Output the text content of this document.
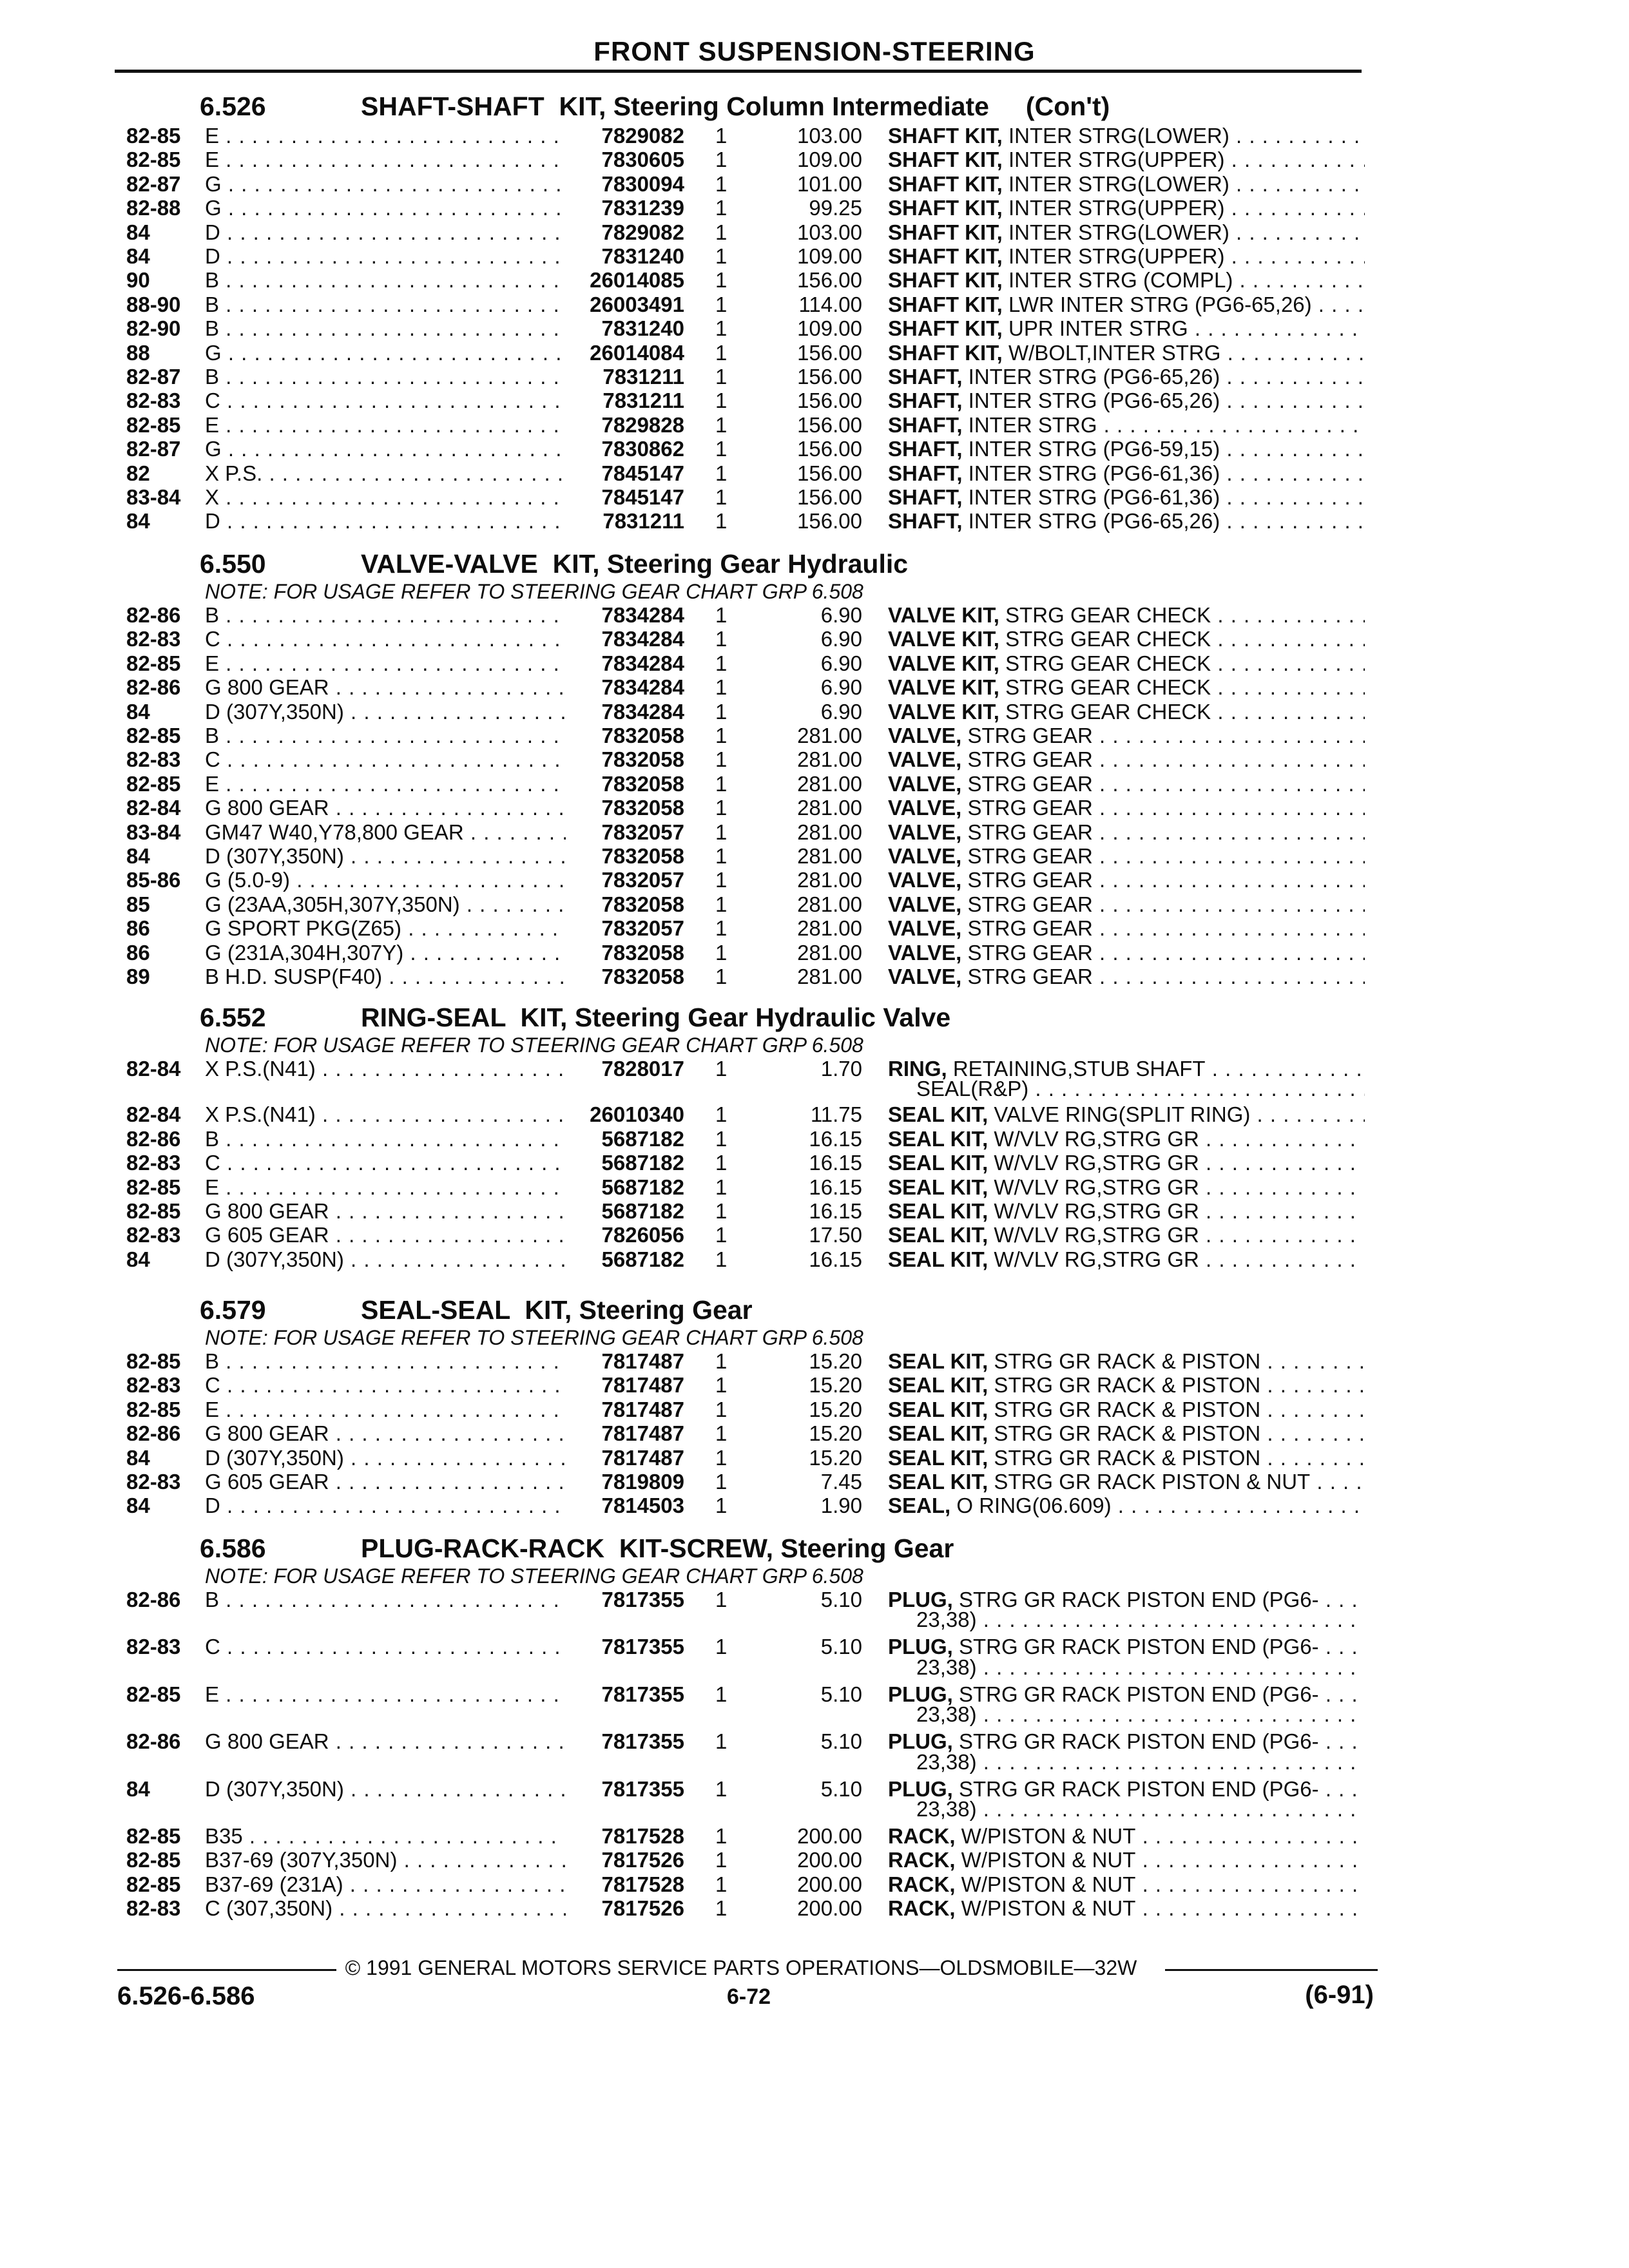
FRONT SUSPENSION-STEERING
6.526	SHAFT-SHAFT  KIT, Steering Column Intermediate     (Con't)
82-85 E . . .	7829082 1	103.00 SHAFT KIT, INTER STRG(LOWER) . . .
82-85 E . . .	7830605 1	109.00 SHAFT KIT, INTER STRG(UPPER) . . .
82-87 G . . .	7830094 1	101.00 SHAFT KIT, INTER STRG(LOWER) . . .
82-88 G . . .	7831239 1	99.25 SHAFT KIT, INTER STRG(UPPER) . . .
84	D . . .	7829082 1	103.00 SHAFT KIT, INTER STRG(LOWER) . . .
84	D . . .	7831240 1	109.00 SHAFT KIT, INTER STRG(UPPER) . . .
90	B . . .	26014085 1	156.00 SHAFT KIT, INTER STRG (COMPL) . . .
88-90 B . . .	26003491 1	114.00 SHAFT KIT, LWR INTER STRG (PG6-65,26) . . .
82-90 B . . .	7831240 1	109.00 SHAFT KIT, UPR INTER STRG . . .
88	G . . .	26014084 1	156.00 SHAFT KIT, W/BOLT,INTER STRG . . .
82-87 B . . .	7831211 1	156.00 SHAFT, INTER STRG (PG6-65,26) . . .
82-83 C . . .	7831211 1	156.00 SHAFT, INTER STRG (PG6-65,26) . . .
82-85 E . . .	7829828 1	156.00 SHAFT, INTER STRG . . .
82-87 G . . .	7830862 1	156.00 SHAFT, INTER STRG (PG6-59,15) . . .
82	X P.S. . . .	7845147 1	156.00 SHAFT, INTER STRG (PG6-61,36) . . .
83-84 X . . .	7845147 1	156.00 SHAFT, INTER STRG (PG6-61,36) . . .
84	D . . .	7831211 1	156.00 SHAFT, INTER STRG (PG6-65,26) . . .
6.550	VALVE-VALVE  KIT, Steering Gear Hydraulic
NOTE: FOR USAGE REFER TO STEERING GEAR CHART GRP 6.508
82-86 B . . .	7834284 1	6.90 VALVE KIT, STRG GEAR CHECK . . .
82-83 C . . .	7834284 1	6.90 VALVE KIT, STRG GEAR CHECK . . .
82-85 E . . .	7834284 1	6.90 VALVE KIT, STRG GEAR CHECK . . .
82-86 G 800 GEAR . . .	7834284 1	6.90 VALVE KIT, STRG GEAR CHECK . . .
84	D (307Y,350N) . . .	7834284 1	6.90 VALVE KIT, STRG GEAR CHECK . . .
82-85 B . . .	7832058 1	281.00 VALVE, STRG GEAR . . .
82-83 C . . .	7832058 1	281.00 VALVE, STRG GEAR . . .
82-85 E . . .	7832058 1	281.00 VALVE, STRG GEAR . . .
82-84 G 800 GEAR . . .	7832058 1	281.00 VALVE, STRG GEAR . . .
83-84 GM47 W40,Y78,800 GEAR . . .	7832057 1	281.00 VALVE, STRG GEAR . . .
84	D (307Y,350N) . . .	7832058 1	281.00 VALVE, STRG GEAR . . .
85-86 G (5.0-9) . . .	7832057 1	281.00 VALVE, STRG GEAR . . .
85	G (23AA,305H,307Y,350N) . . .	7832058 1	281.00 VALVE, STRG GEAR . . .
86	G SPORT PKG(Z65) . . .	7832057 1	281.00 VALVE, STRG GEAR . . .
86	G (231A,304H,307Y) . . .	7832058 1	281.00 VALVE, STRG GEAR . . .
89	B H.D. SUSP(F40) . . .	7832058 1	281.00 VALVE, STRG GEAR . . .
6.552	RING-SEAL  KIT, Steering Gear Hydraulic Valve
NOTE: FOR USAGE REFER TO STEERING GEAR CHART GRP 6.508
82-84 X P.S.(N41) . . .	7828017 1	1.70 RING, RETAINING,STUB SHAFT . . .
SEAL(R&P) . . .
82-84 X P.S.(N41) . . .	26010340 1	11.75 SEAL KIT, VALVE RING(SPLIT RING) . . .
82-86 B . . .	5687182 1	16.15 SEAL KIT, W/VLV RG,STRG GR . . .
82-83 C . . .	5687182 1	16.15 SEAL KIT, W/VLV RG,STRG GR . . .
82-85 E . . .	5687182 1	16.15 SEAL KIT, W/VLV RG,STRG GR . . .
82-85 G 800 GEAR . . .	5687182 1	16.15 SEAL KIT, W/VLV RG,STRG GR . . .
82-83 G 605 GEAR . . .	7826056 1	17.50 SEAL KIT, W/VLV RG,STRG GR . . .
84	D (307Y,350N) . . .	5687182 1	16.15 SEAL KIT, W/VLV RG,STRG GR . . .
6.579	SEAL-SEAL  KIT, Steering Gear
NOTE: FOR USAGE REFER TO STEERING GEAR CHART GRP 6.508
82-85 B . . .	7817487 1	15.20 SEAL KIT, STRG GR RACK & PISTON . . .
82-83 C . . .	7817487 1	15.20 SEAL KIT, STRG GR RACK & PISTON . . .
82-85 E . . .	7817487 1	15.20 SEAL KIT, STRG GR RACK & PISTON . . .
82-86 G 800 GEAR . . .	7817487 1	15.20 SEAL KIT, STRG GR RACK & PISTON . . .
84	D (307Y,350N) . . .	7817487 1	15.20 SEAL KIT, STRG GR RACK & PISTON . . .
82-83 G 605 GEAR . . .	7819809 1	7.45 SEAL KIT, STRG GR RACK PISTON & NUT . . .
84	D . . .	7814503 1	1.90 SEAL, O RING(06.609) . . .
6.586	PLUG-RACK-RACK  KIT-SCREW, Steering Gear
NOTE: FOR USAGE REFER TO STEERING GEAR CHART GRP 6.508
82-86 B . . .	7817355 1	5.10 PLUG, STRG GR RACK PISTON END (PG6- . . .
23,38) . . .
82-83 C . . .	7817355 1	5.10 PLUG, STRG GR RACK PISTON END (PG6- . . .
23,38) . . .
82-85 E . . .	7817355 1	5.10 PLUG, STRG GR RACK PISTON END (PG6- . . .
23,38) . . .
82-86 G 800 GEAR . . .	7817355 1	5.10 PLUG, STRG GR RACK PISTON END (PG6- . . .
23,38) . . .
84	D (307Y,350N) . . .	7817355 1	5.10 PLUG, STRG GR RACK PISTON END (PG6- . . .
23,38) . . .
82-85 B35 . . .	7817528 1	200.00 RACK, W/PISTON & NUT . . .
82-85 B37-69 (307Y,350N) . . .	7817526 1	200.00 RACK, W/PISTON & NUT . . .
82-85 B37-69 (231A) . . .	7817528 1	200.00 RACK, W/PISTON & NUT . . .
82-83 C (307,350N) . . .	7817526 1	200.00 RACK, W/PISTON & NUT . . .
© 1991 GENERAL MOTORS SERVICE PARTS OPERATIONS—OLDSMOBILE—32W
6.526-6.586	6-72	(6-91)
